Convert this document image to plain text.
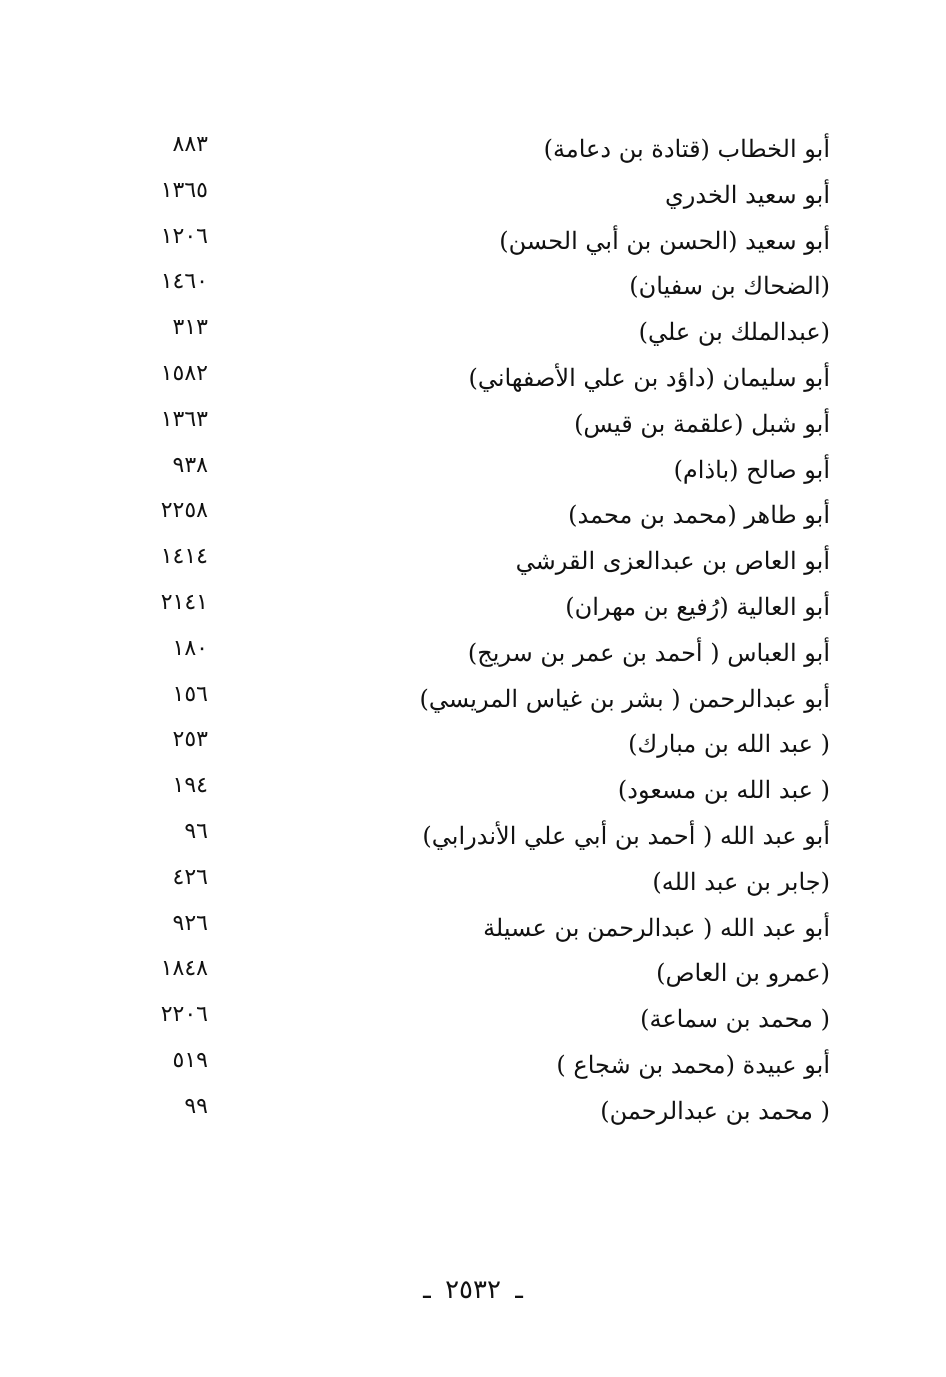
أبو الخطاب (قتادة بن دعامة)
٨٨٣
أبو سعيد الخدري
١٣٦٥
أبو سعيد (الحسن بن أبي الحسن)
١٢٠٦
(الضحاك بن سفيان)
١٤٦٠
(عبدالملك بن علي)
٣١٣
أبو سليمان (داؤد بن علي الأصفهاني)
١٥٨٢
أبو شبل (علقمة بن قيس)
١٣٦٣
أبو صالح (باذام)
٩٣٨
أبو طاهر (محمد بن محمد)
٢٢٥٨
أبو العاص بن عبدالعزى القرشي
١٤١٤
أبو العالية (رُفيع بن مهران)
٢١٤١
أبو العباس ( أحمد بن عمر بن سريج)
١٨٠
أبو عبدالرحمن ( بشر بن غياس المريسي)
١٥٦
( عبد الله بن مبارك)
٢٥٣
( عبد الله بن مسعود)
١٩٤
أبو عبد الله ( أحمد بن أبي علي الأندرابي)
٩٦
(جابر بن عبد الله)
٤٢٦
أبو عبد الله ( عبدالرحمن بن عسيلة
٩٢٦
(عمرو بن العاص)
١٨٤٨
( محمد بن سماعة)
٢٢٠٦
أبو عبيدة (محمد بن شجاع )
٥١٩
( محمد بن عبدالرحمن)
٩٩
ـ ٢٥٣٢ ـ
